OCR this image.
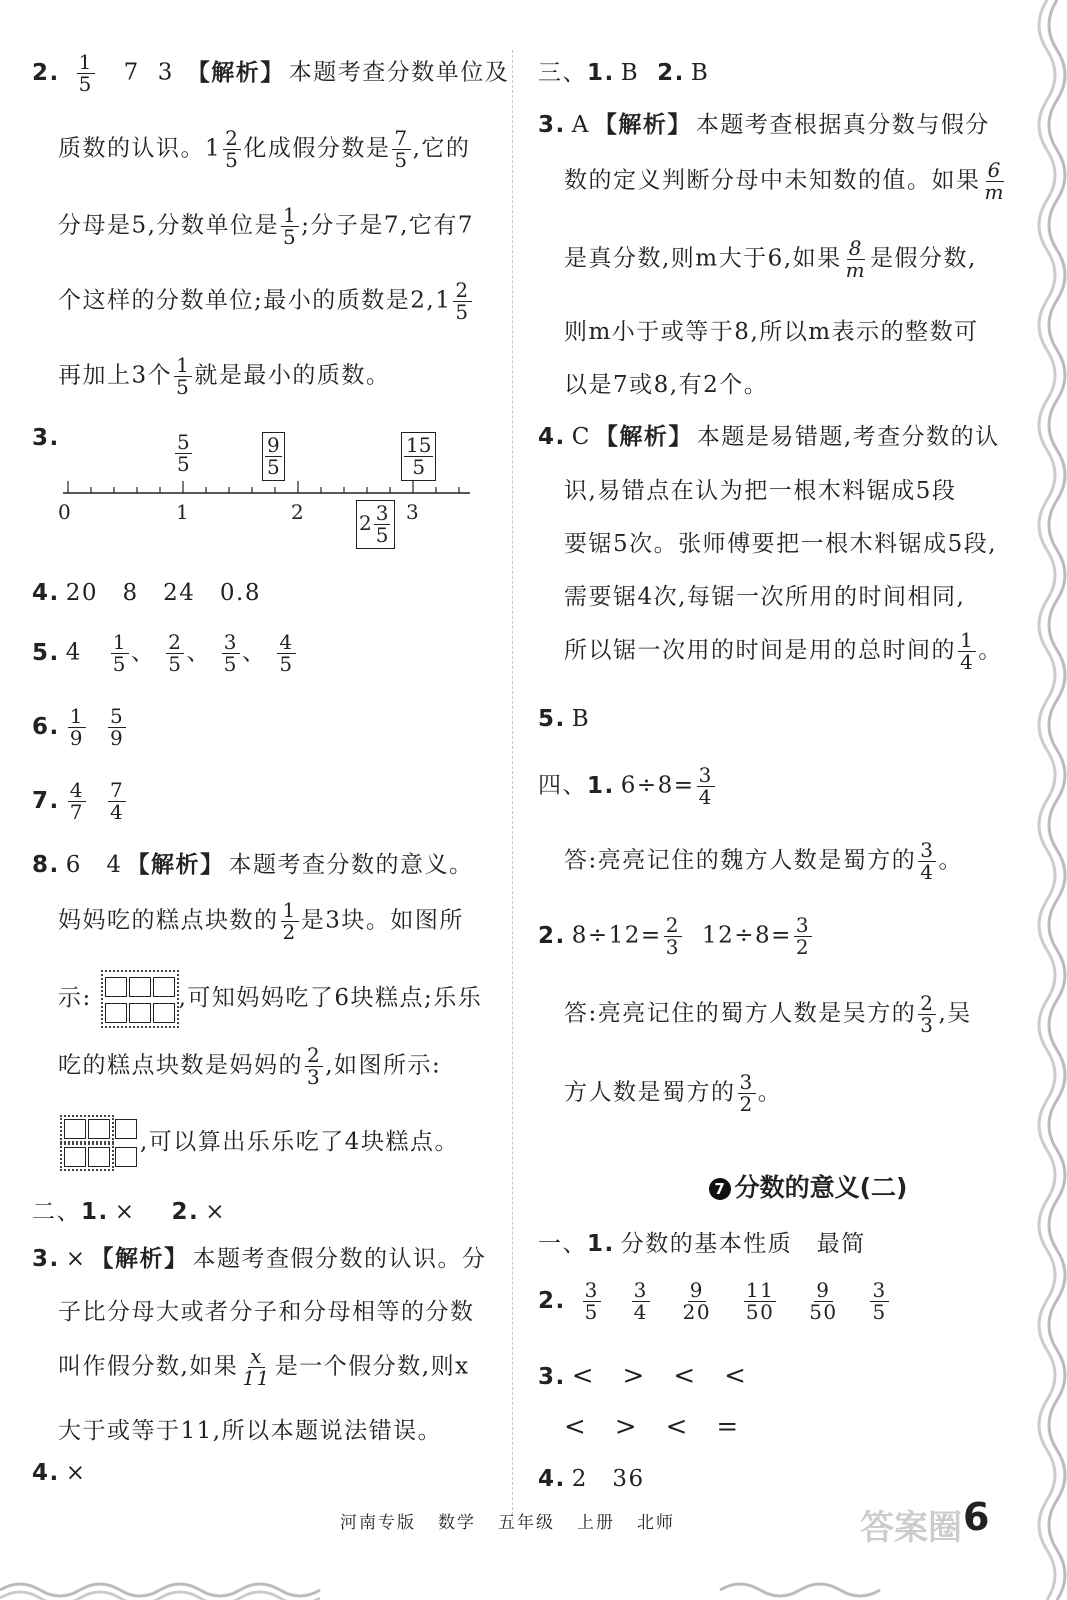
2. $\frac{1}{5} 7$ 3 【解析】 本题考查分数单位及
质数的认识。$1 \frac{2}{5}$ 化成假分数是 $\frac{7}{5}$ ,它的
分母是5,分数单位是 $\frac{1}{5}$ ;分子是7,它有7
个这样的分数单位;最小的质数是$2,1 \frac{2}{5}$
再加上3个 $\frac{1}{5}$ 就是最小的质数。
3.
0	1	2	3
$\frac{5}{5}$	$\frac{9}{5}$	$\frac{15}{5}$
$2 \frac{3}{5}$
4. 20　8　24　0.8
5. $4 \frac{1}{5}$ 、 $\frac{2}{5}$ 、 $\frac{3}{5}$ 、 $\frac{4}{5}$
6. $\frac{1}{9} \frac{5}{9}$
7. $\frac{4}{7} \frac{7}{4}$
8. 6　4 【解析】 本题考查分数的意义。
妈妈吃的糕点块数的 $\frac{1}{2}$ 是3块。如图所
示:	,可知妈妈吃了6块糕点;乐乐
吃的糕点块数是妈妈的 $\frac{2}{3}$ ,如图所示:
,可以算出乐乐吃了4块糕点。
二、1. × 2. ×
3. × 【解析】 本题考查假分数的认识。分
子比分母大或者分子和分母相等的分数
叫作假分数,如果 $\frac{x}{11}$ 是一个假分数,则x
大于或等于11,所以本题说法错误。
4. ×
三、1. B 2. B
3. A 【解析】 本题考查根据真分数与假分
数的定义判断分母中未知数的值。如果 $\frac{6}{m}$
是真分数,则m大于6,如果 $\frac{8}{m}$ 是假分数,
则m小于或等于8,所以m表示的整数可
以是7或8,有2个。
4. C 【解析】 本题是易错题,考查分数的认
识,易错点在认为把一根木料锯成5段
要锯5次。张师傅要把一根木料锯成5段,
需要锯4次,每锯一次所用的时间相同,
所以锯一次用的时间是用的总时间的 $\frac{1}{4}$ 。
5. B
四、1. $6\div 8= \frac{3}{4}$
答:亮亮记住的魏方人数是蜀方的 $\frac{3}{4}$ 。
2. $8\div 12= \frac{2}{3} 12\div 8= \frac{3}{2}$
答:亮亮记住的蜀方人数是吴方的 $\frac{2}{3}$ ,吴
方人数是蜀方的 $\frac{3}{2}$ 。
7 分数的意义(二)
一、1. 分数的基本性质　最简
2. $\frac{3}{5}$
$\frac{3}{4}$
$\frac{9}{20}$
$\frac{11}{50}$
$\frac{9}{50}$
$\frac{3}{5}$
3. <　>　<　<
<　>　<　=
4. 2　36
河南专版 数学 五年级 上册 北师	答案圈 6
